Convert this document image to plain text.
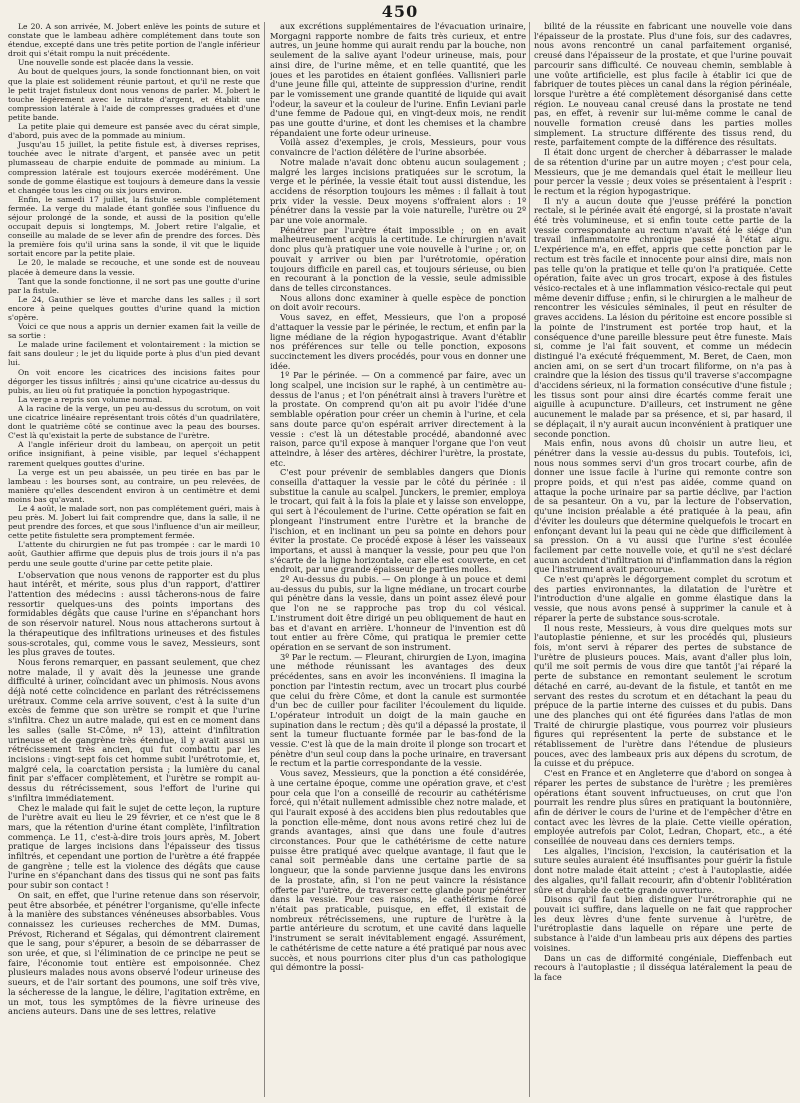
450

Le 20. A son arrivée, M. Jobert enlève les points de suture et constate que le lambeau adhère complétement dans toute son étendue, excepté dans une très petite portion de l'angle inférieur droit qui s'était rompu la nuit précédente.

Une nouvelle sonde est placée dans la vessie.

Au bout de quelques jours, la sonde fonctionnant bien, on voit que la plaie est solidement réunie partout, et qu'il ne reste que le petit trajet fistuleux dont nous venons de parler. M. Jobert le touche légèrement avec le nitrate d'argent, et établit une compression latérale à l'aide de compresses graduées et d'une petite bande.

La petite plaie qui demeure est pansée avec du cérat simple, d'abord, puis avec de la pommade au minium.

Jusqu'au 15 juillet, la petite fistule est, à diverses reprises, touchée avec le nitrate d'argent, et pansée avec un petit plumasseau de charpie enduite de pommade au minium. La compression latérale est toujours exercée modérément. Une sonde de gomme élastique est toujours à demeure dans la vessie et changée tous les cinq ou six jours environ.

Enfin, le samedi 17 juillet, la fistule semble complétement fermée. La verge du malade étant gonflée sous l'influence du séjour prolongé de la sonde, et aussi de la position qu'elle occupait depuis si longtemps, M. Jobert retire l'algalie, et conseille au malade de se lever afin de prendre des forces. Dès la première fois qu'il urina sans la sonde, il vit que le liquide sortait encore par la petite plaie.

Le 20, le malade se recouche, et une sonde est de nouveau placée à demeure dans la vessie.

Tant que la sonde fonctionne, il ne sort pas une goutte d'urine par la fistule.

Le 24, Gauthier se lève et marche dans les salles ; il sort encore à peine quelques gouttes d'urine quand la miction s'opère.

Voici ce que nous a appris un dernier examen fait la veille de sa sortie :

Le malade urine facilement et volontairement : la miction se fait sans douleur ; le jet du liquide porte à plus d'un pied devant lui.

On voit encore les cicatrices des incisions faites pour dégorger les tissus infiltrés ; ainsi qu'une cicatrice au-dessus du pubis, au lieu où fut pratiquée la ponction hypogastrique.

La verge a repris son volume normal.

A la racine de la verge, un peu au-dessus du scrotum, on voit une cicatrice linéaire représentant trois côtés d'un quadrilatère, dont le quatrième côté se continue avec la peau des bourses. C'est là qu'existait la perte de substance de l'urètre.

A l'angle inférieur droit du lambeau, on aperçoit un petit orifice insignifiant, à peine visible, par lequel s'échappent rarement quelques gouttes d'urine.

La verge est un peu abaissée, un peu tirée en bas par le lambeau : les bourses sont, au contraire, un peu relevées, de manière qu'elles descendent environ à un centimètre et demi moins bas qu'avant.

Le 4 août, le malade sort, non pas complétement guéri, mais à peu près. M. Jobert lui fait comprendre que, dans la salle, il ne peut prendre des forces, et que sous l'influence d'un air meilleur, cette petite fistulette sera promptement fermée.

L'attente du chirurgien ne fut pas trompée : car le mardi 10 août, Gauthier affirme que depuis plus de trois jours il n'a pas perdu une seule goutte d'urine par cette petite plaie.

L'observation que nous venons de rapporter est du plus haut intérêt, et mérite, sous plus d'un rapport, d'attirer l'attention des médecins : aussi tâcherons-nous de faire ressortir quelques-uns des points importans des formidables dégâts que cause l'urine en s'épanchant hors de son réservoir naturel. Nous nous attacherons surtout à la thérapeutique des infiltrations urineuses et des fistules sous-scrotales, qui, comme vous le savez, Messieurs, sont les plus graves de toutes.

Nous ferons remarquer, en passant seulement, que chez notre malade, il y avait dès la jeunesse une grande difficulté à uriner, coïncidant avec un phimosis. Nous avons déjà noté cette coïncidence en parlant des rétrécissemens urétraux. Comme cela arrive souvent, c'est à la suite d'un excès de femme que son urètre se rompit et que l'urine s'infiltra. Chez un autre malade, qui est en ce moment dans les salles (salle St-Côme, nº 13), atteint d'infiltration urineuse et de gangrène très étendue, il y avait aussi un rétrécissement très ancien, qui fut combattu par les incisions : vingt-sept fois cet homme subit l'urétrotomie, et, malgré cela, la coarctation persista ; la lumière du canal finit par s'effacer complètement, et l'urètre se rompit au-dessus du rétrécissement, sous l'effort de l'urine qui s'infiltra immédiatement.

Chez le malade qui fait le sujet de cette leçon, la rupture de l'urètre avait eu lieu le 29 février, et ce n'est que le 8 mars, que la rétention d'urine étant complète, l'infiltration commença. Le 11, c'est-à-dire trois jours après, M. Jobert pratique de larges incisions dans l'épaisseur des tissus infiltrés, et cependant une portion de l'urètre a été frappée de gangrène ; telle est la violence des dégâts que cause l'urine en s'épanchant dans des tissus qui ne sont pas faits pour subir son contact !

On sait, en effet, que l'urine retenue dans son réservoir, peut être absorbée, et pénétrer l'organisme, qu'elle infecte à la manière des substances vénéneuses absorbables. Vous connaissez les curieuses recherches de MM. Dumas, Prévost, Richerand et Ségalas, qui démontrent clairement que le sang, pour s'épurer, a besoin de se débarrasser de son urée, et que, si l'élimination de ce principe ne peut se faire, l'économie tout entière est empoisonnée. Chez plusieurs malades nous avons observé l'odeur urineuse des sueurs, et de l'air sortant des poumons, une soif très vive, la sécheresse de la langue, le délire, l'agitation extrême, en un mot, tous les symptômes de la fièvre urineuse des anciens auteurs. Dans une de ses lettres, relative

aux excrétions supplémentaires de l'évacuation urinaire, Morgagni rapporte nombre de faits très curieux, et entre autres, un jeune homme qui aurait rendu par la bouche, non seulement de la salive ayant l'odeur urineuse, mais, pour ainsi dire, de l'urine même, et en telle quantité, que les joues et les parotides en étaient gonflées. Vallisnieri parle d'une jeune fille qui, atteinte de suppression d'urine, rendit par le vomissement une grande quantité de liquide qui avait l'odeur, la saveur et la couleur de l'urine. Enfin Leviani parle d'une femme de Padoue qui, en vingt-deux mois, ne rendit pas une goutte d'urine, et dont les chemises et la chambre répandaient une forte odeur urineuse.

Voilà assez d'exemples, je crois, Messieurs, pour vous convaincre de l'action délétère de l'urine absorbée.

Notre malade n'avait donc obtenu aucun soulagement ; malgré les larges incisions pratiquées sur le scrotum, la verge et le périnée, la vessie était tout aussi distendue, les accidens de résorption toujours les mêmes : il fallait à tout prix vider la vessie. Deux moyens s'offraient alors : 1º pénétrer dans la vessie par la voie naturelle, l'urètre ou 2º par une voie anormale.

Pénétrer par l'urètre était impossible ; on en avait malheureusement acquis la certitude. Le chirurgien n'avait donc plus qu'à pratiquer une voie nouvelle à l'urine ; or, on pouvait y arriver ou bien par l'urétrotomie, opération toujours difficile en pareil cas, et toujours sérieuse, ou bien en recourant à la ponction de la vessie, seule admissible dans de telles circonstances.

Nous allons donc examiner à quelle espèce de ponction on doit avoir recours.

Vous savez, en effet, Messieurs, que l'on a proposé d'attaquer la vessie par le périnée, le rectum, et enfin par la ligne médiane de la région hypogastrique. Avant d'établir nos préférences sur telle ou telle ponction, exposons succinctement les divers procédés, pour vous en donner une idée.

1º Par le périnée. — On a commencé par faire, avec un long scalpel, une incision sur le raphé, à un centimètre au-dessus de l'anus ; et l'on pénétrait ainsi à travers l'urètre et la prostate. On comprend qu'on ait pu avoir l'idée d'une semblable opération pour créer un chemin à l'urine, et cela sans doute parce qu'on espérait arriver directement à la vessie : c'est là un détestable procédé, abandonné avec raison, parce qu'il expose à manquer l'organe que l'on veut atteindre, à léser des artères, déchirer l'urètre, la prostate, etc.

C'est pour prévenir de semblables dangers que Dionis conseilla d'attaquer la vessie par le côté du périnée : il substitue la canule au scalpel. Junckers, le premier, employa le trocart, qui fait à la fois la plaie et y laisse son enveloppe, qui sert à l'écoulement de l'urine. Cette opération se fait en plongeant l'instrument entre l'urètre et la branche de l'ischion, et en inclinant un peu sa pointe en dehors pour éviter la prostate. Ce procédé expose à léser les vaisseaux importans, et aussi à manquer la vessie, pour peu que l'on s'écarte de la ligne horizontale, car elle est couverte, en cet endroit, par une grande épaisseur de parties molles.

2º Au-dessus du pubis. — On plonge à un pouce et demi au-dessus du pubis, sur la ligne médiane, un trocart courbe qui pénètre dans la vessie, dans un point assez élevé pour que l'on ne se rapproche pas trop du col vésical. L'instrument doit être dirigé un peu obliquement de haut en bas et d'avant en arrière. L'honneur de l'invention est dû tout entier au frère Côme, qui pratiqua le premier cette opération en se servant de son instrument.

3º Par le rectum. — Fleurant, chirurgien de Lyon, imagina une méthode réunissant les avantages des deux précédentes, sans en avoir les inconvéniens. Il imagina la ponction par l'intestin rectum, avec un trocart plus courbé que celui du frère Côme, et dont la canule est surmontée d'un bec de cuiller pour faciliter l'écoulement du liquide. L'opérateur introduit un doigt de la main gauche en supination dans le rectum ; dès qu'il a dépassé la prostate, il sent la tumeur fluctuante formée par le bas-fond de la vessie. C'est là que de la main droite il plonge son trocart et pénètre d'un seul coup dans la poche urinaire, en traversant le rectum et la partie correspondante de la vessie.

Vous savez, Messieurs, que la ponction a été considérée, à une certaine époque, comme une opération grave, et c'est pour cela que l'on a conseillé de recourir au cathétérisme forcé, qui n'était nullement admissible chez notre malade, et qui l'aurait exposé à des accidens bien plus redoutables que la ponction elle-même, dont nous avons retiré chez lui de grands avantages, ainsi que dans une foule d'autres circonstances. Pour que le cathétérisme de cette nature puisse être pratiqué avec quelque avantage, il faut que le canal soit perméable dans une certaine partie de sa longueur, que la sonde parvienne jusque dans les environs de la prostate, afin, si l'on ne peut vaincre la résistance offerte par l'urètre, de traverser cette glande pour pénétrer dans la vessie. Pour ces raisons, le cathétérisme forcé n'était pas praticable, puisque, en effet, il existait de nombreux rétrécissemens, une rupture de l'urètre à la partie antérieure du scrotum, et une cavité dans laquelle l'instrument se serait inévitablement engagé. Assurément, le cathétérisme de cette nature a été pratiqué par nous avec succès, et nous pourrions citer plus d'un cas pathologique qui démontre la possi-

bilité de la réussite en fabricant une nouvelle voie dans l'épaisseur de la prostate. Plus d'une fois, sur des cadavres, nous avons rencontré un canal parfaitement organisé, creusé dans l'épaisseur de la prostate, et que l'urine pouvait parcourir sans difficulté. Ce nouveau chemin, semblable à une voûte artificielle, est plus facile à établir ici que de fabriquer de toutes pièces un canal dans la région périnéale, lorsque l'urètre a été complètement désorganisé dans cette région. Le nouveau canal creusé dans la prostate ne tend pas, en effet, à revenir sur lui-même comme le canal de nouvelle formation creusé dans les parties molles simplement. La structure différente des tissus rend, du reste, parfaitement compte de la différence des résultats.

Il était donc urgent de chercher à débarrasser le malade de sa rétention d'urine par un autre moyen ; c'est pour cela, Messieurs, que je me demandais quel était le meilleur lieu pour percer la vessie ; deux voies se présentaient à l'esprit : le rectum et la région hypogastrique.

Il n'y a aucun doute que j'eusse préféré la ponction rectale, si le périnée avait été engorgé, si la prostate n'avait été très volumineuse, et si enfin toute cette partie de la vessie correspondante au rectum n'avait été le siége d'un travail inflammatoire chronique passé à l'état aigu. L'expérience m'a, en effet, appris que cette ponction par le rectum est très facile et innocente pour ainsi dire, mais non pas telle qu'on la pratique et telle qu'on l'a pratiquée. Cette opération, faite avec un gros trocart, expose à des fistules vésico-rectales et à une inflammation vésico-rectale qui peut même devenir diffuse ; enfin, si le chirurgien a le malheur de rencontrer les vésicules séminales, il peut en résulter de graves accidens. La lésion du péritoine est encore possible si la pointe de l'instrument est portée trop haut, et la conséquence d'une pareille blessure peut être funeste. Mais si, comme je l'ai fait souvent, et comme un médecin distingué l'a exécuté fréquemment, M. Beret, de Caen, mon ancien ami, on se sert d'un trocart filiforme, on n'a pas à craindre que la lésion des tissus qu'il traverse s'accompagne d'accidens sérieux, ni la formation consécutive d'une fistule ; les tissus sont pour ainsi dire écartés comme ferait une aiguille à acupuncture. D'ailleurs, cet instrument ne gêne aucunement le malade par sa présence, et si, par hasard, il se déplaçait, il n'y aurait aucun inconvénient à pratiquer une seconde ponction.

Mais enfin, nous avons dû choisir un autre lieu, et pénétrer dans la vessie au-dessus du pubis. Toutefois, ici, nous nous sommes servi d'un gros trocart courbe, afin de donner une issue facile à l'urine qui remonte contre son propre poids, et qui n'est pas aidée, comme quand on attaque la poche urinaire par sa partie déclive, par l'action de sa pesanteur. On a vu, par la lecture de l'observation, qu'une incision préalable a été pratiquée à la peau, afin d'éviter les douleurs que détermine quelquefois le trocart en enfonçant devant lui la peau qui ne cède que difficilement à sa pression. On a vu aussi que l'urine s'est écoulée facilement par cette nouvelle voie, et qu'il ne s'est déclaré aucun accident d'infiltration ni d'inflammation dans la région que l'instrument avait parcourue.

Ce n'est qu'après le dégorgement complet du scrotum et des parties environnantes, la dilatation de l'urètre et l'introduction d'une algalie en gomme élastique dans la vessie, que nous avons pensé à supprimer la canule et à réparer la perte de substance sous-scrotale.

Il nous reste, Messieurs, à vous dire quelques mots sur l'autoplastie pénienne, et sur les procédés qui, plusieurs fois, m'ont servi à réparer des pertes de substance de l'urètre de plusieurs pouces. Mais, avant d'aller plus loin, qu'il me soit permis de vous dire que tantôt j'ai réparé la perte de substance en remontant seulement le scrotum détaché en carré, au-devant de la fistule, et tantôt en me servant des restes du scrotum et en détachant la peau du prépuce de la partie interne des cuisses et du pubis. Dans une des planches qui ont été figurées dans l'atlas de mon Traité de chirurgie plastique, vous pourrez voir plusieurs figures qui représentent la perte de substance et le rétablissement de l'urètre dans l'étendue de plusieurs pouces, avec des lambeaux pris aux dépens du scrotum, de la cuisse et du prépuce.

C'est en France et en Angleterre que d'abord on songea à réparer les pertes de substance de l'urètre ; les premières opérations étant souvent infructueuses, on crut que l'on pourrait les rendre plus sûres en pratiquant la boutonnière, afin de dériver le cours de l'urine et de l'empêcher d'être en contact avec les lèvres de la plaie. Cette vieille opération, employée autrefois par Colot, Ledran, Chopart, etc., a été conseillée de nouveau dans ces derniers temps.

Les algalies, l'incision, l'excision, la cautérisation et la suture seules auraient été insuffisantes pour guérir la fistule dont notre malade était atteint ; c'est à l'autoplastie, aidée des algalies, qu'il fallait recourir, afin d'obtenir l'oblitération sûre et durable de cette grande ouverture.

Disons qu'il faut bien distinguer l'urétroraphie qui ne pouvait ici suffire, dans laquelle on ne fait que rapprocher les deux lèvres d'une fente survenue à l'urètre, de l'urétroplastie dans laquelle on répare une perte de substance à l'aide d'un lambeau pris aux dépens des parties voisines.

Dans un cas de difformité congéniale, Dieffenbach eut recours à l'autoplastie ; il disséqua latéralement la peau de la face
